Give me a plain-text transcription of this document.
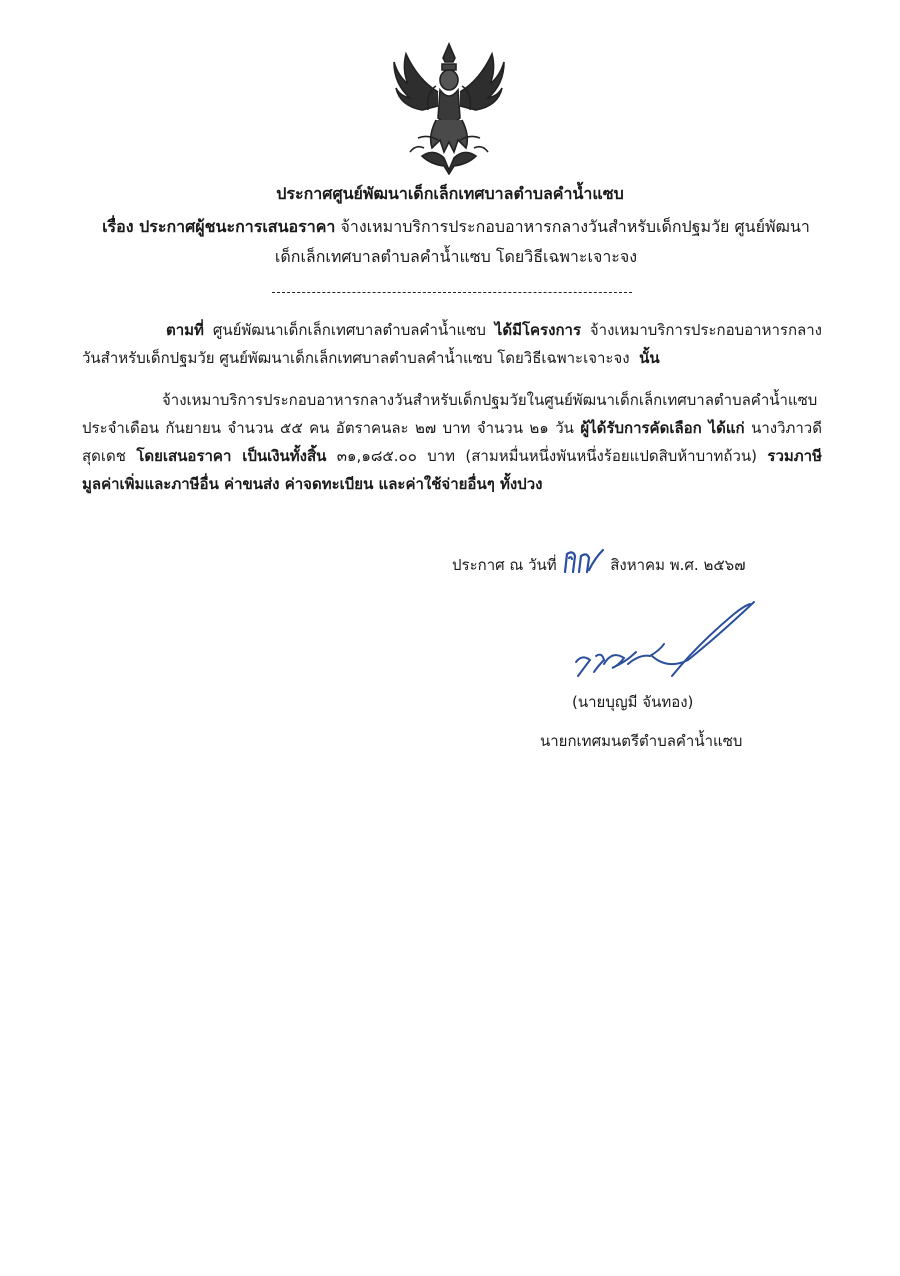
ประกาศศูนย์พัฒนาเด็กเล็กเทศบาลตำบลคำน้ำแซบ
เรื่อง ประกาศผู้ชนะการเสนอราคา จ้างเหมาบริการประกอบอาหารกลางวันสำหรับเด็กปฐมวัย ศูนย์พัฒนาเด็กเล็กเทศบาลตำบลคำน้ำแซบ โดยวิธีเฉพาะเจาะจง
ตามที่ ศูนย์พัฒนาเด็กเล็กเทศบาลตำบลคำน้ำแซบ ได้มีโครงการ จ้างเหมาบริการประกอบอาหารกลางวันสำหรับเด็กปฐมวัย ศูนย์พัฒนาเด็กเล็กเทศบาลตำบลคำน้ำแซบ โดยวิธีเฉพาะเจาะจง นั้น
จ้างเหมาบริการประกอบอาหารกลางวันสำหรับเด็กปฐมวัยในศูนย์พัฒนาเด็กเล็กเทศบาลตำบลคำน้ำแซบ ประจำเดือน กันยายน จำนวน ๕๕ คน อัตราคนละ ๒๗ บาท จำนวน ๒๑ วัน ผู้ได้รับการคัดเลือก ได้แก่ นางวิภาวดี สุดเดช โดยเสนอราคา เป็นเงินทั้งสิ้น ๓๑,๑๘๕.๐๐ บาท (สามหมื่นหนึ่งพันหนึ่งร้อยแปดสิบห้าบาทถ้วน) รวมภาษีมูลค่าเพิ่มและภาษีอื่น ค่าขนส่ง ค่าจดทะเบียน และค่าใช้จ่ายอื่นๆ ทั้งปวง
ประกาศ ณ วันที่	สิงหาคม พ.ศ. ๒๕๖๗
(นายบุญมี จันทอง)
นายกเทศมนตรีตำบลคำน้ำแซบ
